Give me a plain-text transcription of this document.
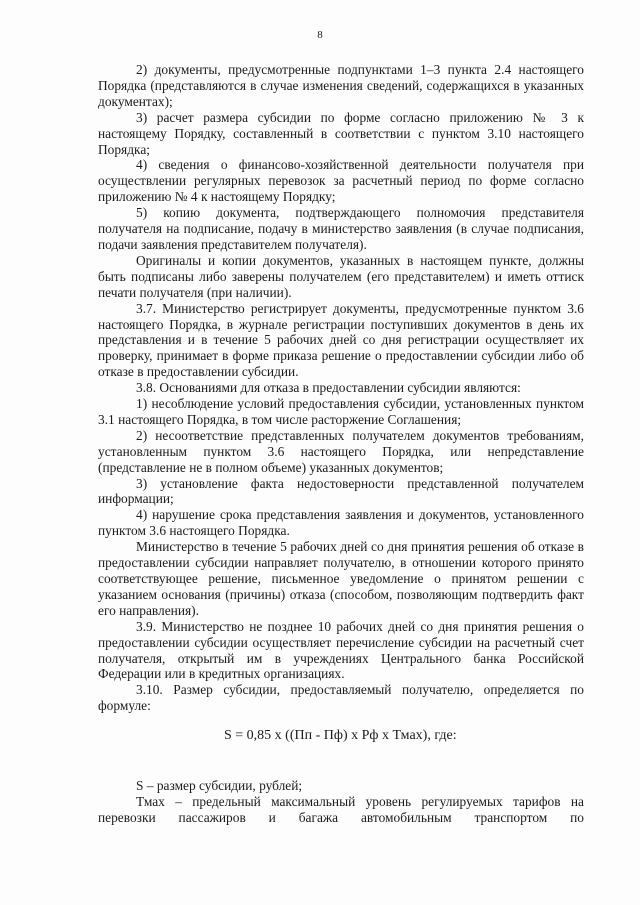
8

2) документы, предусмотренные подпунктами 1–3 пункта 2.4 настоящего Порядка (представляются в случае изменения сведений, содержащихся в указанных документах);

3) расчет размера субсидии по форме согласно приложению № 3 к настоящему Порядку, составленный в соответствии с пунктом 3.10 настоящего Порядка;

4) сведения о финансово-хозяйственной деятельности получателя при осуществлении регулярных перевозок за расчетный период по форме согласно приложению № 4 к настоящему Порядку;

5) копию документа, подтверждающего полномочия представителя получателя на подписание, подачу в министерство заявления (в случае подписания, подачи заявления представителем получателя).

Оригиналы и копии документов, указанных в настоящем пункте, должны быть подписаны либо заверены получателем (его представителем) и иметь оттиск печати получателя (при наличии).

3.7. Министерство регистрирует документы, предусмотренные пунктом 3.6 настоящего Порядка, в журнале регистрации поступивших документов в день их представления и в течение 5 рабочих дней со дня регистрации осуществляет их проверку, принимает в форме приказа решение о предоставлении субсидии либо об отказе в предоставлении субсидии.

3.8. Основаниями для отказа в предоставлении субсидии являются:

1) несоблюдение условий предоставления субсидии, установленных пунктом 3.1 настоящего Порядка, в том числе расторжение Соглашения;

2) несоответствие представленных получателем документов требованиям, установленным пунктом 3.6 настоящего Порядка, или непредставление (представление не в полном объеме) указанных документов;

3) установление факта недостоверности представленной получателем информации;

4) нарушение срока представления заявления и документов, установленного пунктом 3.6 настоящего Порядка.

Министерство в течение 5 рабочих дней со дня принятия решения об отказе в предоставлении субсидии направляет получателю, в отношении которого принято соответствующее решение, письменное уведомление о принятом решении с указанием основания (причины) отказа (способом, позволяющим подтвердить факт его направления).

3.9. Министерство не позднее 10 рабочих дней со дня принятия решения о предоставлении субсидии осуществляет перечисление субсидии на расчетный счет получателя, открытый им в учреждениях Центрального банка Российской Федерации или в кредитных организациях.

3.10. Размер субсидии, предоставляемый получателю, определяется по формуле:

S = 0,85 х ((Пп - Пф) х Рф х Тмах), где:

S – размер субсидии, рублей;

Тмах – предельный максимальный уровень регулируемых тарифов на перевозки пассажиров и багажа автомобильным транспортом по
